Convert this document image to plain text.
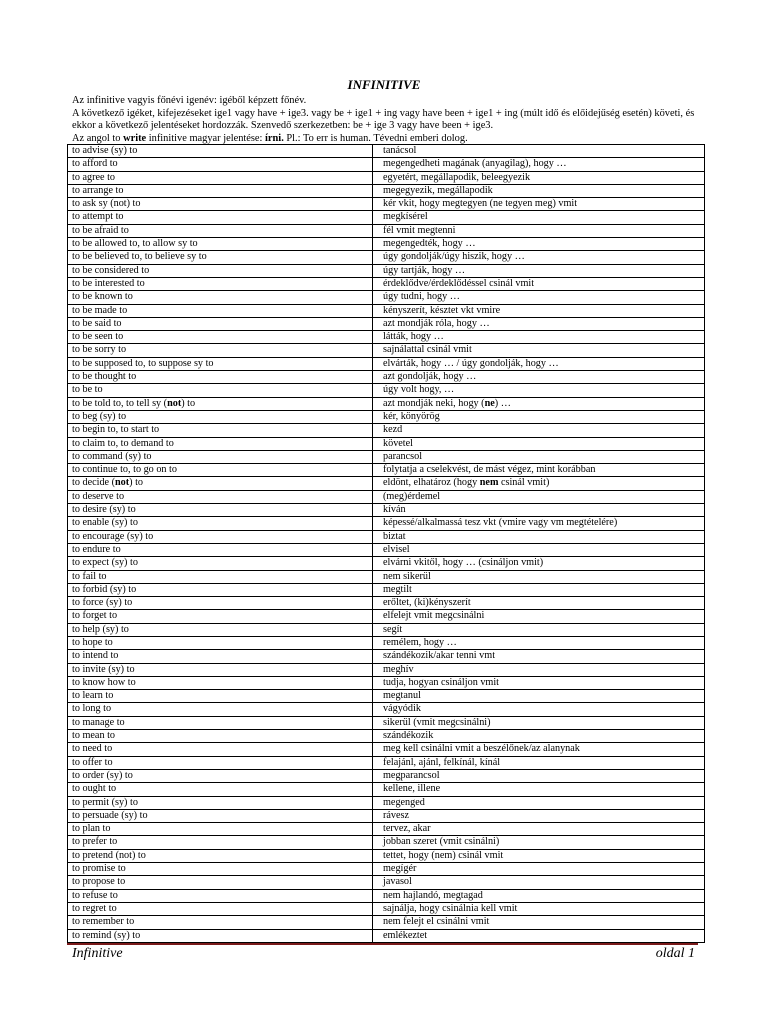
INFINITIVE

Az infinitive vagyis főnévi igenév: igéből képzett főnév.

A következő igéket, kifejezéseket ige1 vagy have + ige3. vagy be + ige1 + ing vagy have been + ige1 + ing (múlt idő és előidejűség esetén) követi, és ekkor a következő jelentéseket hordozzák. Szenvedő szerkezetben: be + ige 3 vagy have been + ige3.

Az angol to write infinitive magyar jelentése: írni. Pl.: To err is human. Tévedni emberi dolog.

to advise (sy) to	tanácsol
to afford to	megengedheti magának (anyagilag), hogy …
to agree to	egyetért, megállapodik, beleegyezik
to arrange to	megegyezik, megállapodik
to ask sy (not) to	kér vkit, hogy megtegyen (ne tegyen meg) vmit
to attempt to	megkísérel
to be afraid to	fél vmit megtenni
to be allowed to, to allow sy to	megengedték, hogy …
to be believed to, to believe sy to	úgy gondolják/úgy hiszik, hogy …
to be considered to	úgy tartják, hogy …
to be interested to	érdeklődve/érdeklődéssel csinál vmit
to be known to	úgy tudni, hogy …
to be made to	kényszerít, késztet vkt vmire
to be said to	azt mondják róla, hogy …
to be seen to	látták, hogy …
to be sorry to	sajnálattal csinál vmit
to be supposed to, to suppose sy to	elvárták, hogy … / úgy gondolják, hogy …
to be thought to	azt gondolják, hogy …
to be to	úgy volt hogy, …
to be told to, to tell sy (not) to	azt mondják neki, hogy (ne) …
to beg (sy) to	kér, könyörög
to begin to, to start to	kezd
to claim to, to demand to	követel
to command (sy) to	parancsol
to continue to, to go on to	folytatja a cselekvést, de mást végez, mint korábban
to decide (not) to	eldönt, elhatároz (hogy nem csinál vmit)
to deserve to	(meg)érdemel
to desire (sy) to	kíván
to enable (sy) to	képessé/alkalmassá tesz vkt (vmire vagy vm megtételére)
to encourage (sy) to	biztat
to endure to	elvisel
to expect (sy) to	elvárni vkitől, hogy … (csináljon vmit)
to fail to	nem sikerül
to forbid (sy) to	megtilt
to force (sy) to	erőltet, (ki)kényszerít
to forget to	elfelejt vmit megcsinálni
to help (sy) to	segít
to hope to	remélem, hogy …
to intend to	szándékozik/akar tenni vmt
to invite (sy) to	meghív
to know how to	tudja, hogyan csináljon vmit
to learn to	megtanul
to long to	vágyódik
to manage to	sikerül (vmit megcsinálni)
to mean to	szándékozik
to need to	meg kell csinálni vmit a beszélőnek/az alanynak
to offer to	felajánl, ajánl, felkínál, kínál
to order (sy) to	megparancsol
to ought to	kellene, illene
to permit (sy) to	megenged
to persuade (sy) to	rávesz
to plan to	tervez, akar
to prefer to	jobban szeret (vmit csinálni)
to pretend (not) to	tettet, hogy (nem) csinál vmit
to promise to	megígér
to propose to	javasol
to refuse to	nem hajlandó, megtagad
to regret to	sajnálja, hogy csinálnia kell vmit
to remember to	nem felejt el csinálni vmit
to remind (sy) to	emlékeztet
Infinitive	oldal 1
